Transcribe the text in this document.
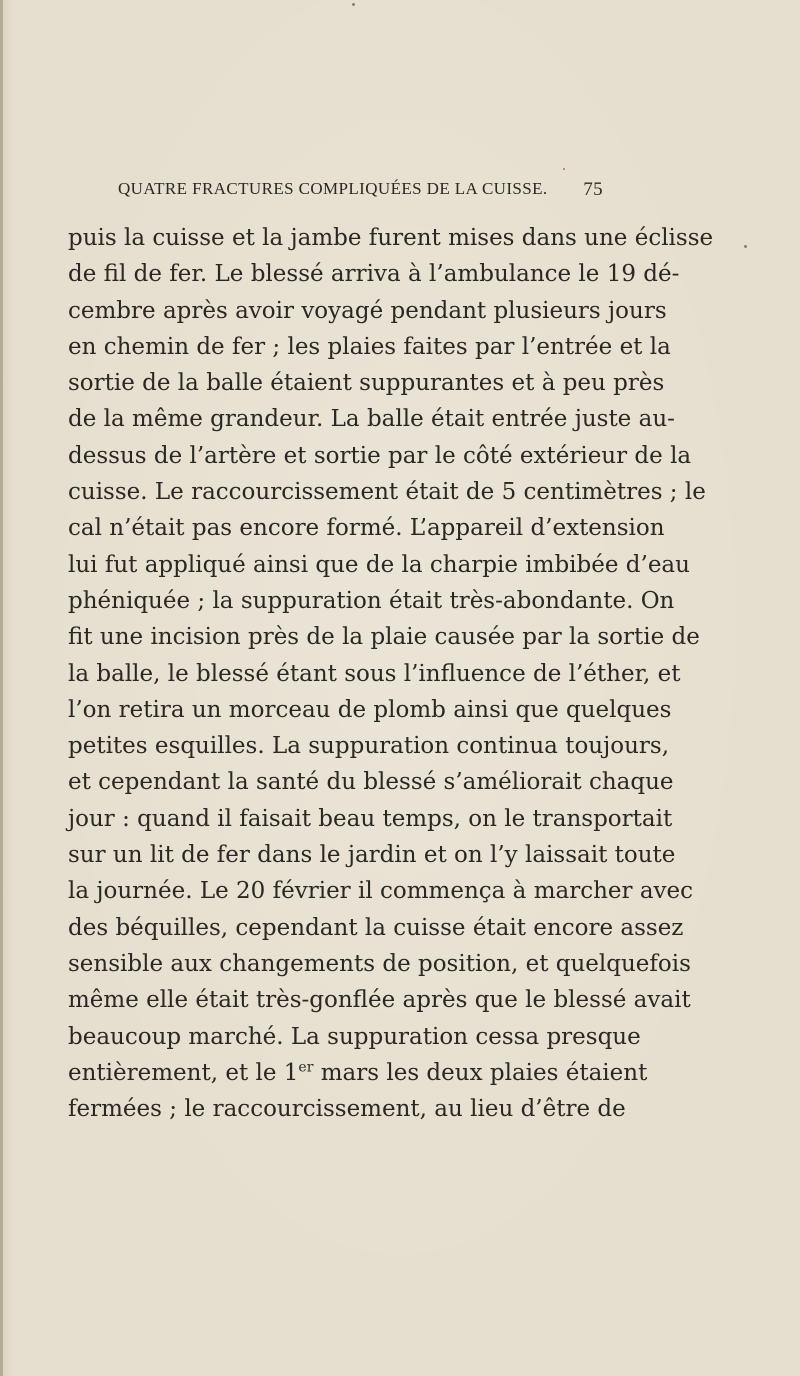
QUATRE FRACTURES COMPLIQUÉES DE LA CUISSE. 75
puis la cuisse et la jambe furent mises dans une éclisse
de fil de fer. Le blessé arriva à l’ambulance le 19 dé-
cembre après avoir voyagé pendant plusieurs jours
en chemin de fer ; les plaies faites par l’entrée et la
sortie de la balle étaient suppurantes et à peu près
de la même grandeur. La balle était entrée juste au-
dessus de l’artère et sortie par le côté extérieur de la
cuisse. Le raccourcissement était de 5 centimètres ; le
cal n’était pas encore formé. L’appareil d’extension
lui fut appliqué ainsi que de la charpie imbibée d’eau
phéniquée ; la suppuration était très-abondante. On
fit une incision près de la plaie causée par la sortie de
la balle, le blessé étant sous l’influence de l’éther, et
l’on retira un morceau de plomb ainsi que quelques
petites esquilles. La suppuration continua toujours,
et cependant la santé du blessé s’améliorait chaque
jour : quand il faisait beau temps, on le transportait
sur un lit de fer dans le jardin et on l’y laissait toute
la journée. Le 20 février il commença à marcher avec
des béquilles, cependant la cuisse était encore assez
sensible aux changements de position, et quelquefois
même elle était très-gonflée après que le blessé avait
beaucoup marché. La suppuration cessa presque
entièrement, et le 1er mars les deux plaies étaient
fermées ; le raccourcissement, au lieu d’être de
